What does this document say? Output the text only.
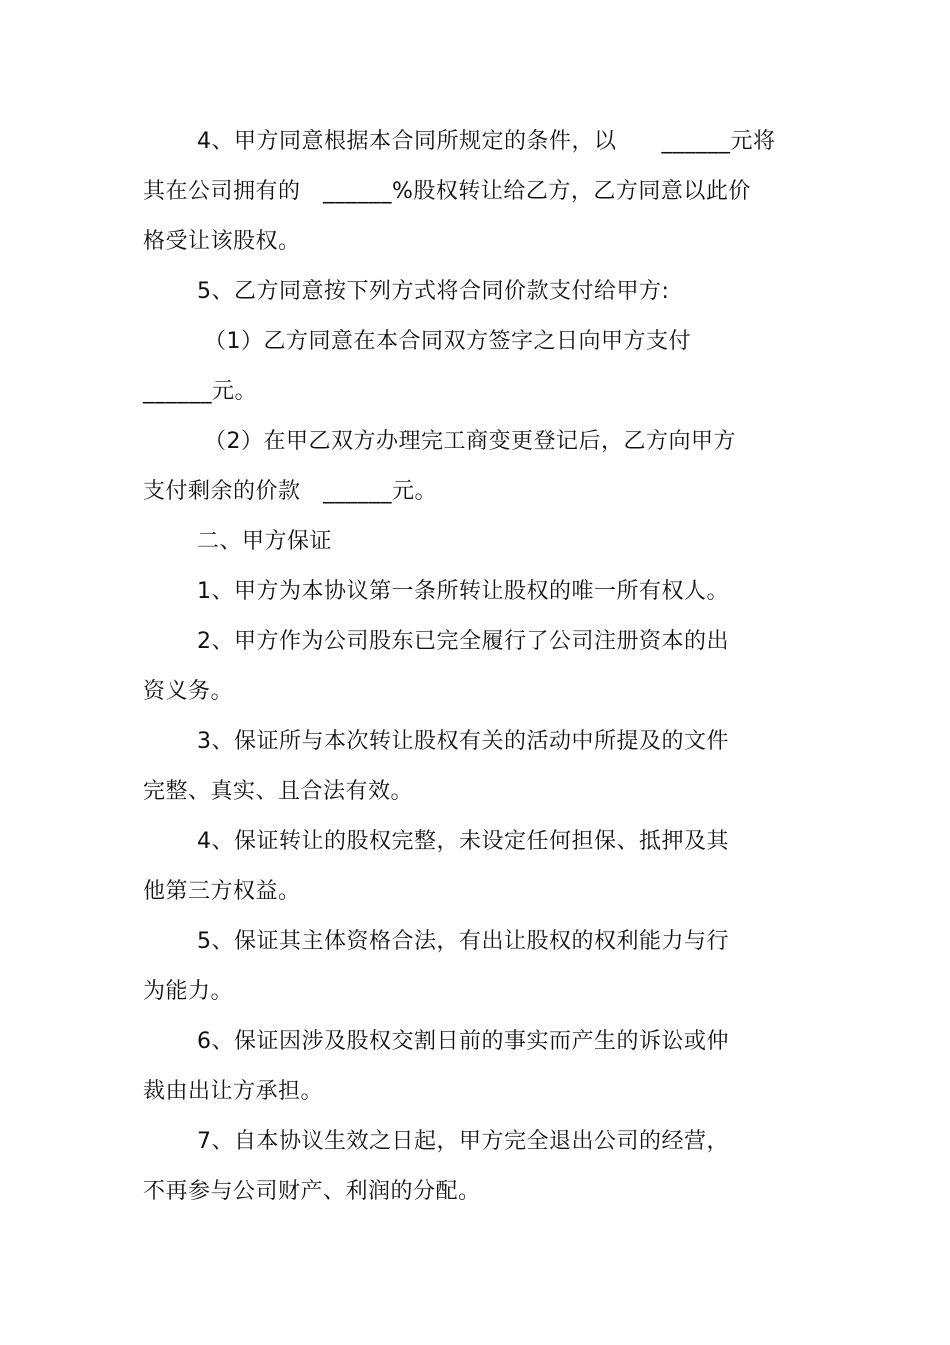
4、甲方同意根据本合同所规定的条件，以　　______元将
其在公司拥有的　______%股权转让给乙方，乙方同意以此价
格受让该股权。
5、乙方同意按下列方式将合同价款支付给甲方:
（1）乙方同意在本合同双方签字之日向甲方支付
______元。
（2）在甲乙双方办理完工商变更登记后，乙方向甲方
支付剩余的价款　______元。
二、甲方保证
1、甲方为本协议第一条所转让股权的唯一所有权人。
2、甲方作为公司股东已完全履行了公司注册资本的出
资义务。
3、保证所与本次转让股权有关的活动中所提及的文件
完整、真实、且合法有效。
4、保证转让的股权完整，未设定任何担保、抵押及其
他第三方权益。
5、保证其主体资格合法，有出让股权的权利能力与行
为能力。
6、保证因涉及股权交割日前的事实而产生的诉讼或仲
裁由出让方承担。
7、自本协议生效之日起，甲方完全退出公司的经营，
不再参与公司财产、利润的分配。
